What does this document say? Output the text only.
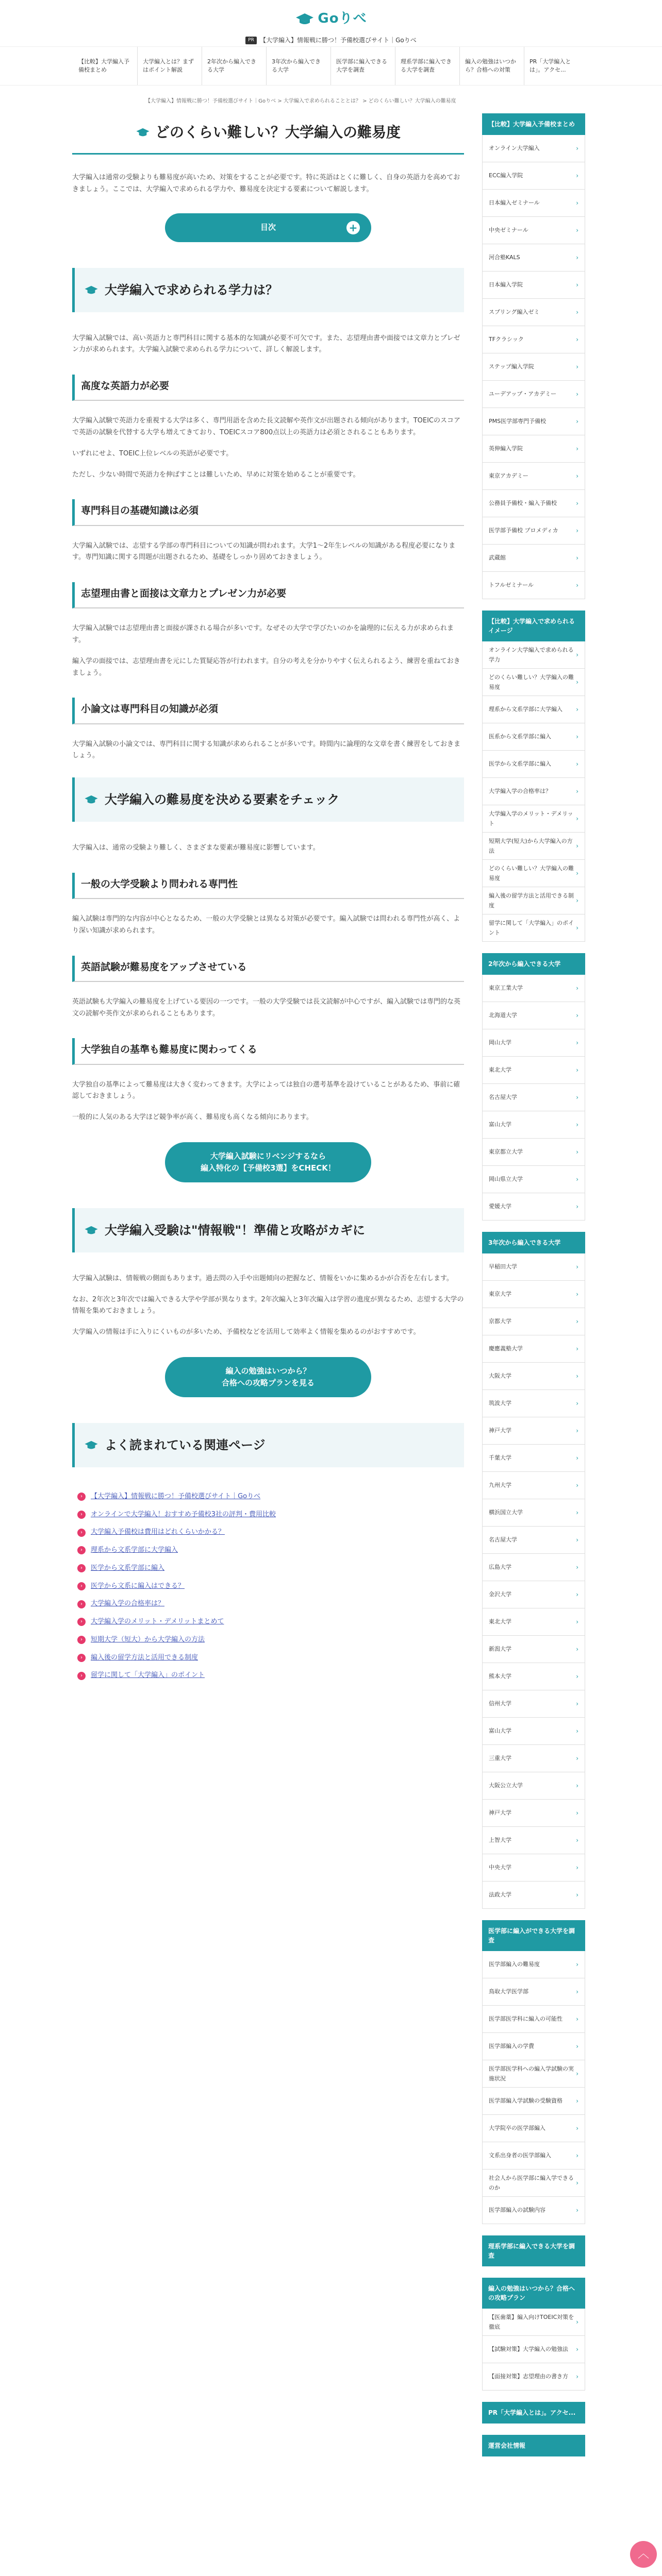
Goりべ
PR 【大学編入】情報戦に勝つ！予備校選びサイト｜Goりべ
【比較】大学編入予備校まとめ
大学編入とは？まずはポイント解説
2年次から編入できる大学
3年次から編入できる大学
医学部に編入できる大学を調査
理系学部に編入できる大学を調査
編入の勉強はいつから？合格への対策
PR「大学編入とは」。アクセ...
【大学編入】情報戦に勝つ！予備校選びサイト｜Goりべ > 大学編入で求められることとは？ > どのくらい難しい？大学編入の難易度
どのくらい難しい？大学編入の難易度

大学編入は通常の受験よりも難易度が高いため、対策をすることが必要です。特に英語はとくに難しく、自身の英語力を高めておきましょう。ここでは、大学編入で求められる学力や、難易度を決定する要素について解説します。

目次	+
大学編入で求められる学力は？

大学編入試験では、高い英語力と専門科目に関する基本的な知識が必要不可欠です。また、志望理由書や面接では文章力とプレゼン力が求められます。大学編入試験で求められる学力について、詳しく解説します。

高度な英語力が必要

大学編入試験で英語力を重視する大学は多く、専門用語を含めた長文読解や英作文が出題される傾向があります。TOEICのスコアで英語の試験を代替する大学も増えてきており、TOEICスコア800点以上の英語力は必須とされることもあります。

いずれにせよ、TOEIC上位レベルの英語が必要です。

ただし、少ない時間で英語力を伸ばすことは難しいため、早めに対策を始めることが重要です。

専門科目の基礎知識は必須

大学編入試験では、志望する学部の専門科目についての知識が問われます。大学1～2年生レベルの知識がある程度必要になります。専門知識に関する問題が出題されるため、基礎をしっかり固めておきましょう。

志望理由書と面接は文章力とプレゼン力が必要

大学編入試験では志望理由書と面接が課される場合が多いです。なぜその大学で学びたいのかを論理的に伝える力が求められます。

編入学の面接では、志望理由書を元にした質疑応答が行われます。自分の考えを分かりやすく伝えられるよう、練習を重ねておきましょう。

小論文は専門科目の知識が必須

大学編入試験の小論文では、専門科目に関する知識が求められることが多いです。時間内に論理的な文章を書く練習をしておきましょう。

大学編入の難易度を決める要素をチェック

大学編入は、通常の受験より難しく、さまざまな要素が難易度に影響しています。

一般の大学受験より問われる専門性

編入試験は専門的な内容が中心となるため、一般の大学受験とは異なる対策が必要です。編入試験では問われる専門性が高く、より深い知識が求められます。

英語試験が難易度をアップさせている

英語試験も大学編入の難易度を上げている要因の一つです。一般の大学受験では長文読解が中心ですが、編入試験では専門的な英文の読解や英作文が求められることもあります。

大学独自の基準も難易度に関わってくる

大学独自の基準によって難易度は大きく変わってきます。大学によっては独自の選考基準を設けていることがあるため、事前に確認しておきましょう。

一般的に人気のある大学ほど競争率が高く、難易度も高くなる傾向にあります。

大学編入試験にリベンジするなら
編入特化の【予備校3選】をCHECK！
大学編入受験は"情報戦"！準備と攻略がカギに

大学編入試験は、情報戦の側面もあります。過去問の入手や出題傾向の把握など、情報をいかに集めるかが合否を左右します。

なお、2年次と3年次では編入できる大学や学部が異なります。2年次編入と3年次編入は学習の進度が異なるため、志望する大学の情報を集めておきましょう。

大学編入の情報は手に入りにくいものが多いため、予備校などを活用して効率よく情報を集めるのがおすすめです。

編入の勉強はいつから？
合格への攻略プランを見る
よく読まれている関連ページ
›	【大学編入】情報戦に勝つ！予備校選びサイト｜Goりべ
›	オンラインで大学編入！おすすめ予備校3社の評判・費用比較
›	大学編入予備校は費用はどれくらいかかる？
›	理系から文系学部に大学編入
›	医学から文系学部に編入
›	医学から文系に編入はできる？
›	大学編入学の合格率は？
›	大学編入学のメリット・デメリットまとめて
›	短期大学（短大）から大学編入の方法
›	編入後の留学方法と活用できる制度
›	留学に関して「大学編入」のポイント
【比較】大学編入予備校まとめ
オンライン大学編入	›
ECC編入学院	›
日本編入ゼミナール	›
中央ゼミナール	›
河合塾KALS	›
日本編入学院	›
スプリング編入ゼミ	›
TFクラシック	›
ステップ編入学院	›
ユーデアップ・アカデミー	›
PMS医学部専門予備校	›
英伸編入学院	›
東京アカデミー	›
公務員予備校・編入予備校	›
医学部予備校 プロメディカ	›
武蔵館	›
トフルゼミナール	›
【比較】大学編入で求められるイメージ
オンライン大学編入で求められる学力
›
どのくらい難しい？大学編入の難易度
›
理系から文系学部に大学編入 ›
医系から文系学部に編入	›
医学から文系学部に編入	›
大学編入学の合格率は？	›
大学編入学のメリット・デメリット
›
短期大学(短大)から大学編入の方法
›
どのくらい難しい？大学編入の難易度
›
編入後の留学方法と活用できる制度
›
留学に関して「大学編入」のポイント
›
2年次から編入できる大学
東京工業大学	›
北海道大学	›
岡山大学	›
東北大学	›
名古屋大学	›
富山大学	›
東京都立大学	›
岡山県立大学	›
愛媛大学	›
3年次から編入できる大学
早稲田大学	›
東京大学	›
京都大学	›
慶應義塾大学	›
大阪大学	›
筑波大学	›
神戸大学	›
千葉大学	›
九州大学	›
横浜国立大学	›
名古屋大学	›
広島大学	›
金沢大学	›
東北大学	›
新潟大学	›
熊本大学	›
信州大学	›
富山大学	›
三重大学	›
大阪公立大学	›
神戸大学	›
上智大学	›
中央大学	›
法政大学	›
医学部に編入ができる大学を調査
医学部編入の難易度	›
鳥取大学医学部	›
医学部医学科に編入の可能性 ›
医学部編入の学費	›
医学部医学科への編入学試験の実施状況
›
医学部編入学試験の受験資格 ›
大学院卒の医学部編入	›
文系出身者の医学部編入	›
社会人から医学部に編入学できるのか
›
医学部編入の試験内容	›
理系学部に編入できる大学を調査
編入の勉強はいつから？合格への攻略プラン
【医歯薬】編入向けTOEIC対策を徹底
›
【試験対策】大学編入の勉強法 ›
【面接対策】志望理由の書き方 ›
PR「大学編入とは」。アクセ...
運営会社情報
︿
